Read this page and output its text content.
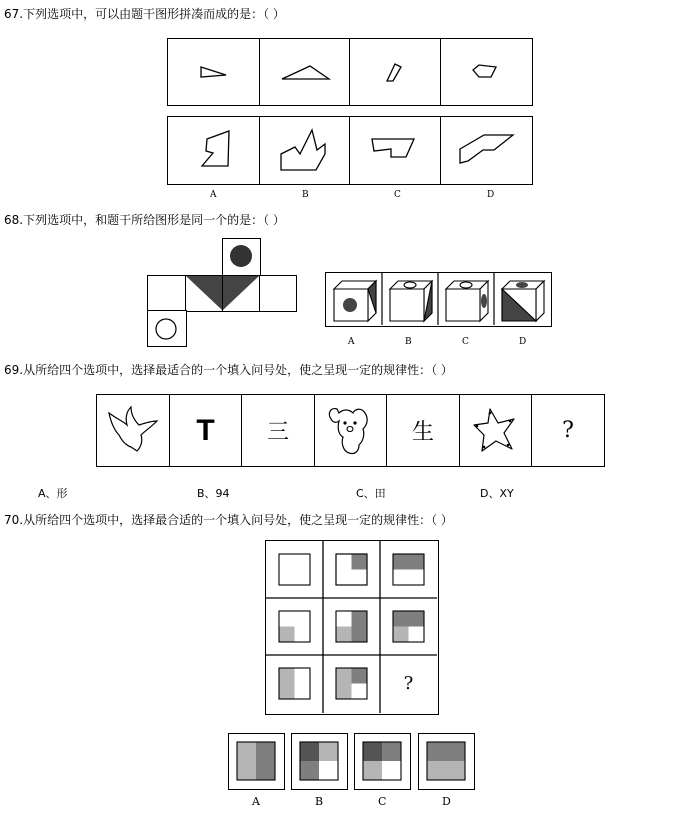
67.下列选项中，可以由题干图形拼凑而成的是：（ ）
A	B	C	D
68.下列选项中，和题干所给图形是同一个的是：（ ）
A	B	C	D
69.从所给四个选项中，选择最适合的一个填入问号处，使之呈现一定的规律性：（ ）
T	三	生	?
A、形	B、94	C、田	D、XY
70.从所给四个选项中，选择最合适的一个填入问号处，使之呈现一定的规律性：（ ）
?
A	B	C	D
